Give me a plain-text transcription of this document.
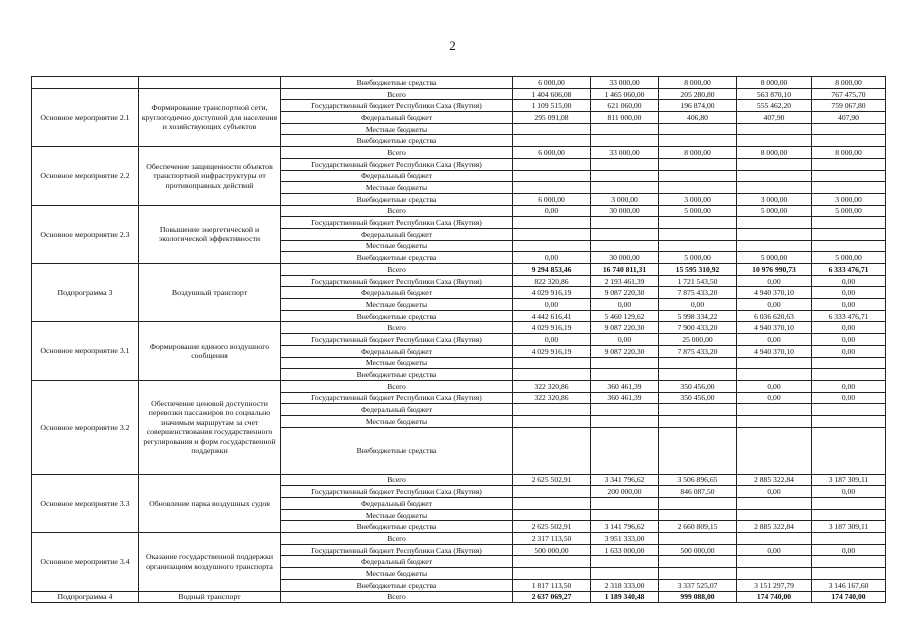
2
		Внебюджетные средства	6 000,00	33 000,00	8 000,00	8 000,00	8 000,00
Основное мероприятие 2.1	Формирование транспортной сети, круглогодично доступной для населения и хозяйствующих субъектов	Всего	1 404 606,08	1 465 060,00	205 280,80	563 870,10	767 475,70
		Государственный бюджет Республики Саха (Якутия)	1 109 515,00	621 060,00	196 874,00	555 462,20	759 067,80
		Федеральный бюджет	295 091,08	811 000,00	406,80	407,90	407,90
		Местные бюджеты					
		Внебюджетные средства					
Основное мероприятие 2.2	Обеспечение защищенности объектов транспортной инфраструктуры от противоправных действий	Всего	6 000,00	33 000,00	8 000,00	8 000,00	8 000,00
		Государственный бюджет Республики Саха (Якутия)					
		Федеральный бюджет					
		Местные бюджеты					
		Внебюджетные средства	6 000,00	3 000,00	3 000,00	3 000,00	3 000,00
Основное мероприятие 2.3	Повышение энергетической и экологической эффективности	Всего	0,00	30 000,00	5 000,00	5 000,00	5 000,00
		Государственный бюджет Республики Саха (Якутия)					
		Федеральный бюджет					
		Местные бюджеты					
		Внебюджетные средства	0,00	30 000,00	5 000,00	5 000,00	5 000,00
Подпрограмма 3	Воздушный транспорт	Всего	9 294 853,46	16 740 811,31	15 595 310,92	10 976 990,73	6 333 476,71
		Государственный бюджет Республики Саха (Якутия)	822 320,86	2 193 461,39	1 721 543,50	0,00	0,00
		Федеральный бюджет	4 029 916,19	9 087 220,30	7 875 433,20	4 940 370,10	0,00
		Местные бюджеты	0,00	0,00	0,00	0,00	0,00
		Внебюджетные средства	4 442 616,41	5 460 129,62	5 998 334,22	6 036 620,63	6 333 476,71
Основное мероприятие 3.1	Формирование единого воздушного сообщения	Всего	4 029 916,19	9 087 220,30	7 900 433,20	4 940 370,10	0,00
		Государственный бюджет Республики Саха (Якутия)	0,00	0,00	25 000,00	0,00	0,00
		Федеральный бюджет	4 029 916,19	9 087 220,30	7 875 433,20	4 940 370,10	0,00
		Местные бюджеты					
		Внебюджетные средства					
Основное мероприятие 3.2	Обеспечение ценовой доступности перевозки пассажиров по социально значимым маршрутам за счет совершенствования государственного регулирования и форм государственной поддержки	Всего	322 320,86	360 461,39	350 456,00	0,00	0,00
		Государственный бюджет Республики Саха (Якутия)	322 320,86	360 461,39	350 456,00	0,00	0,00
		Федеральный бюджет					
		Местные бюджеты					
		Внебюджетные средства					
Основное мероприятие 3.3	Обновление парка воздушных судов	Всего	2 625 502,91	3 341 796,62	3 506 896,65	2 885 322,84	3 187 309,11
		Государственный бюджет Республики Саха (Якутия)		200 000,00	846 087,50	0,00	0,00
		Федеральный бюджет					
		Местные бюджеты					
		Внебюджетные средства	2 625 502,91	3 141 796,62	2 660 809,15	2 885 322,84	3 187 309,11
Основное мероприятие 3.4	Оказание государственной поддержки организациям воздушного транспорта	Всего	2 317 113,50	3 951 333,00			
		Государственный бюджет Республики Саха (Якутия)	500 000,00	1 633 000,00	500 000,00	0,00	0,00
		Федеральный бюджет					
		Местные бюджеты					
		Внебюджетные средства	1 817 113,50	2 318 333,00	3 337 525,07	3 151 297,79	3 146 167,60
Подпрограмма 4	Водный транспорт	Всего	2 637 069,27	1 189 340,48	999 088,00	174 740,00	174 740,00
